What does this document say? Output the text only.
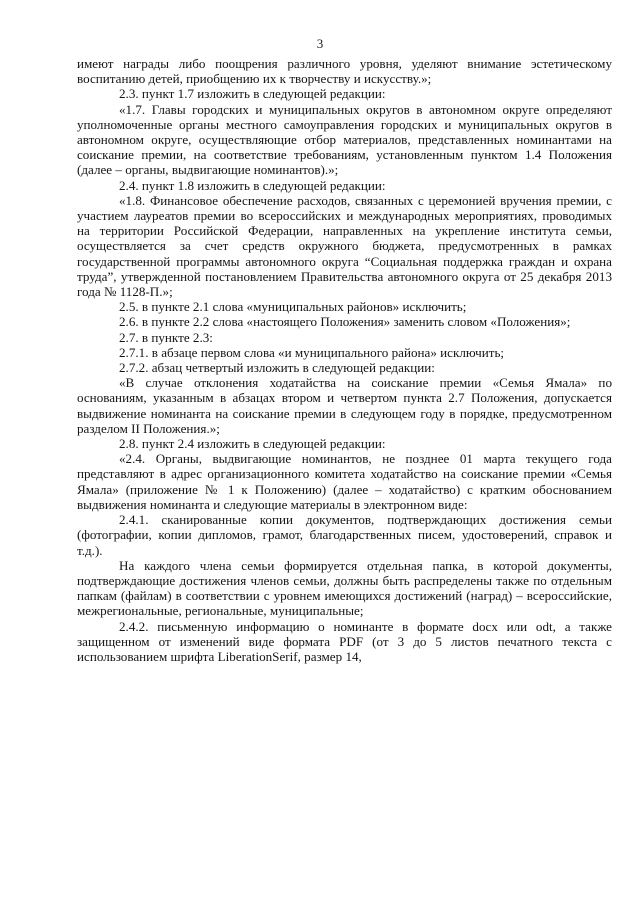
3

имеют награды либо поощрения различного уровня, уделяют внимание эстетическому воспитанию детей, приобщению их к творчеству и искусству.»;

2.3. пункт 1.7 изложить в следующей редакции:

«1.7. Главы городских и муниципальных округов в автономном округе определяют уполномоченные органы местного самоуправления городских и муниципальных округов в автономном округе, осуществляющие отбор материалов, представленных номинантами на соискание премии, на соответствие требованиям, установленным пунктом 1.4 Положения (далее – органы, выдвигающие номинантов).»;

2.4. пункт 1.8 изложить в следующей редакции:

«1.8. Финансовое обеспечение расходов, связанных с церемонией вручения премии, с участием лауреатов премии во всероссийских и международных мероприятиях, проводимых на территории Российской Федерации, направленных на укрепление института семьи, осуществляется за счет средств окружного бюджета, предусмотренных в рамках государственной программы автономного округа “Социальная поддержка граждан и охрана труда”, утвержденной постановлением Правительства автономного округа от 25 декабря 2013 года № 1128-П.»;

2.5. в пункте 2.1 слова «муниципальных районов» исключить;

2.6. в пункте 2.2 слова «настоящего Положения» заменить словом «Положения»;

2.7. в пункте 2.3:

2.7.1. в абзаце первом слова «и муниципального района» исключить;

2.7.2. абзац четвертый изложить в следующей редакции:

«В случае отклонения ходатайства на соискание премии «Семья Ямала» по основаниям, указанным в абзацах втором и четвертом пункта 2.7 Положения, допускается выдвижение номинанта на соискание премии в следующем году в порядке, предусмотренном разделом II Положения.»;

2.8. пункт 2.4 изложить в следующей редакции:

«2.4. Органы, выдвигающие номинантов, не позднее 01 марта текущего года представляют в адрес организационного комитета ходатайство на соискание премии «Семья Ямала» (приложение № 1 к Положению) (далее – ходатайство) с кратким обоснованием выдвижения номинанта и следующие материалы в электронном виде:

2.4.1. сканированные копии документов, подтверждающих достижения семьи (фотографии, копии дипломов, грамот, благодарственных писем, удостоверений, справок и т.д.).

На каждого члена семьи формируется отдельная папка, в которой документы, подтверждающие достижения членов семьи, должны быть распределены также по отдельным папкам (файлам) в соответствии с уровнем имеющихся достижений (наград) – всероссийские, межрегиональные, региональные, муниципальные;

2.4.2. письменную информацию о номинанте в формате docx или odt, а также защищенном от изменений виде формата PDF (от 3 до 5 листов печатного текста с использованием шрифта LiberationSerif, размер 14,
